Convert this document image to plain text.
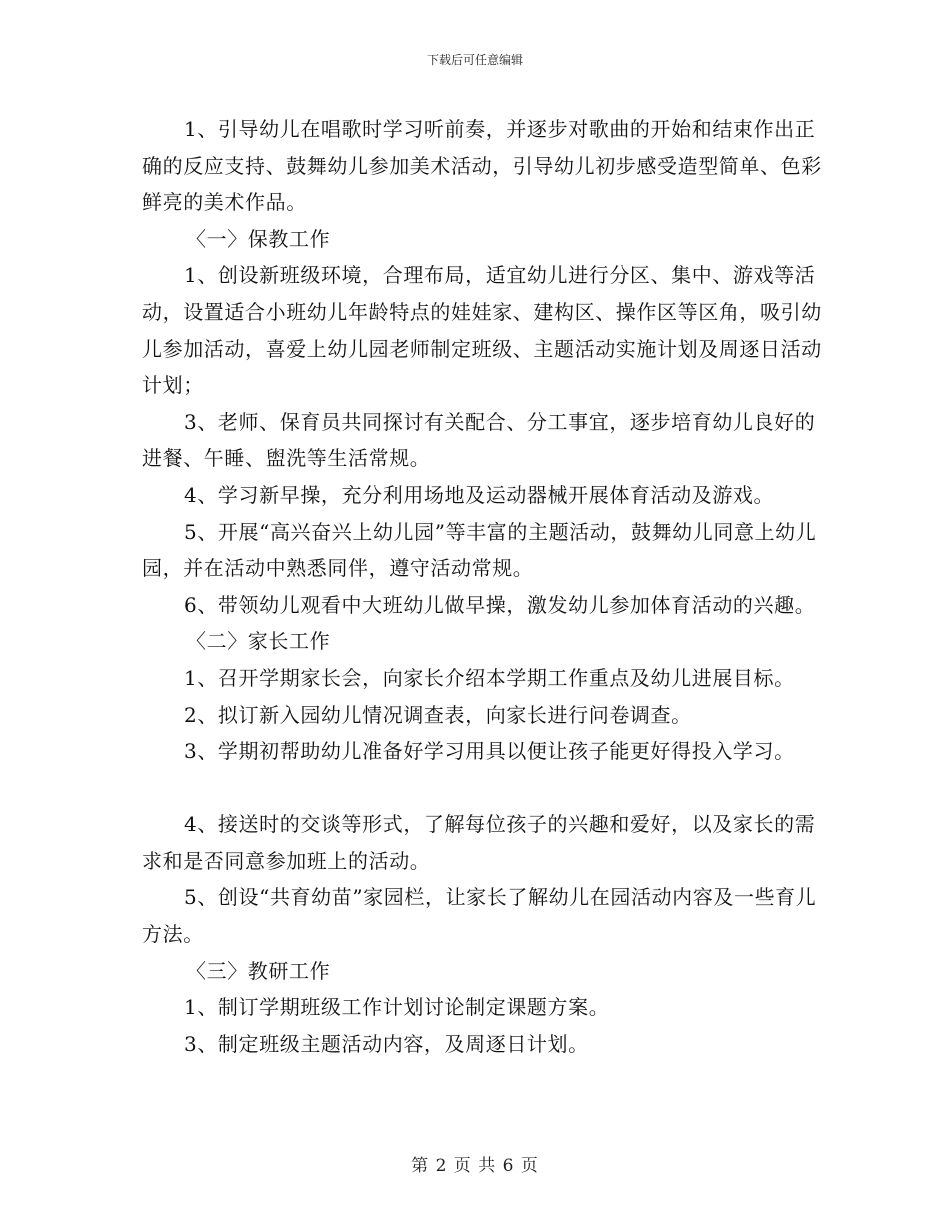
下载后可任意编辑

1、引导幼儿在唱歌时学习听前奏，并逐步对歌曲的开始和结束作出正确的反应支持、鼓舞幼儿参加美术活动，引导幼儿初步感受造型简单、色彩鲜亮的美术作品。

〈一〉保教工作

1、创设新班级环境，合理布局，适宜幼儿进行分区、集中、游戏等活动，设置适合小班幼儿年龄特点的娃娃家、建构区、操作区等区角，吸引幼儿参加活动，喜爱上幼儿园老师制定班级、主题活动实施计划及周逐日活动计划；

3、老师、保育员共同探讨有关配合、分工事宜，逐步培育幼儿良好的进餐、午睡、盥洗等生活常规。

4、学习新早操，充分利用场地及运动器械开展体育活动及游戏。

5、开展“高兴奋兴上幼儿园”等丰富的主题活动，鼓舞幼儿同意上幼儿园，并在活动中熟悉同伴，遵守活动常规。

6、带领幼儿观看中大班幼儿做早操，激发幼儿参加体育活动的兴趣。

〈二〉家长工作

1、召开学期家长会，向家长介绍本学期工作重点及幼儿进展目标。

2、拟订新入园幼儿情况调查表，向家长进行问卷调查。

3、学期初帮助幼儿准备好学习用具以便让孩子能更好得投入学习。

4、接送时的交谈等形式，了解每位孩子的兴趣和爱好，以及家长的需求和是否同意参加班上的活动。

5、创设“共育幼苗”家园栏，让家长了解幼儿在园活动内容及一些育儿方法。

〈三〉教研工作

1、制订学期班级工作计划讨论制定课题方案。

3、制定班级主题活动内容，及周逐日计划。

第 2 页 共 6 页
